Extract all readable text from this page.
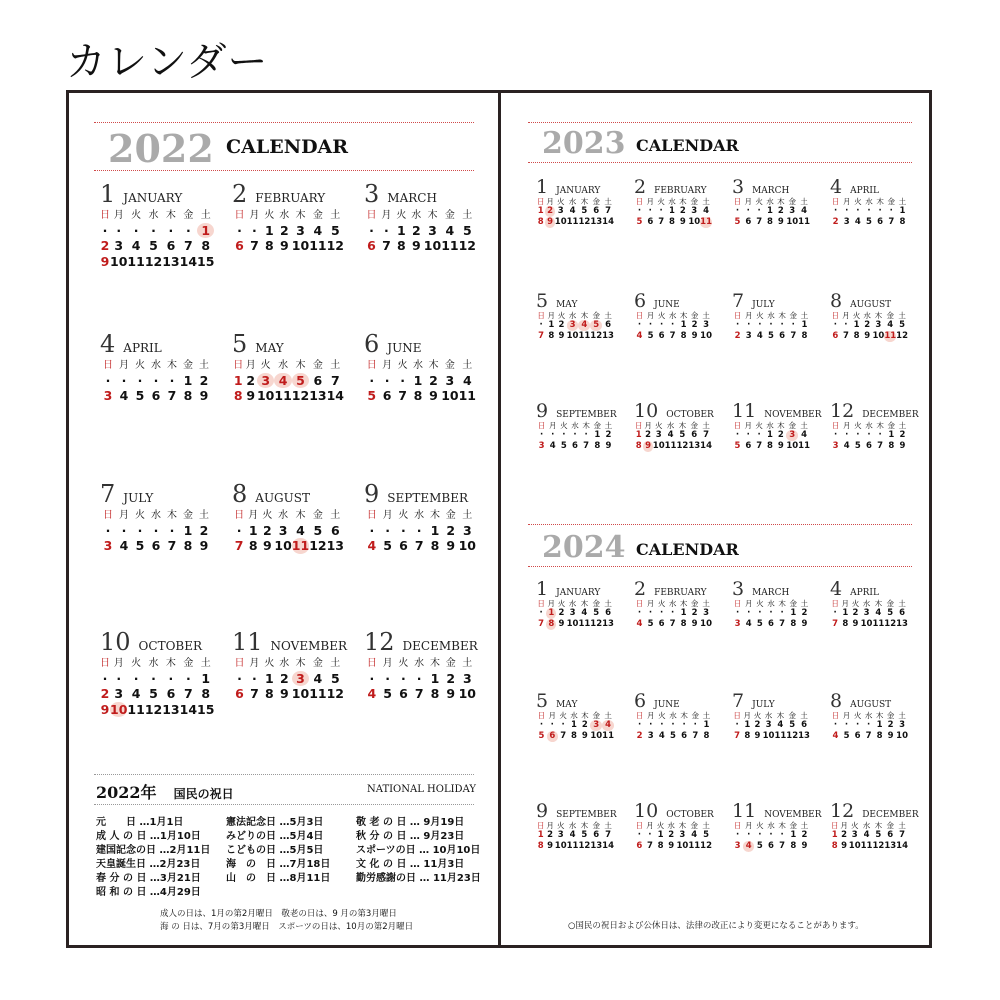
カレンダー
2022 CALENDAR	2023 CALENDAR
2024 CALENDAR
1 JANUARY
日 月 火 水 木 金 土
· ·	·	·	·	· 1
2 3 4 5 6 7 8
9 10 11 12 13 14 15
2 FEBRUARY
日 月 火 水 木 金 土
· · 1 2 3 4 5
6 7 8 9 10 11 12
3 MARCH
日 月 火 水 木 金 土
· · 1 2 3 4 5
6 7 8 9 10 11 12
4 APRIL
日 月 火 水 木 金 土
· · · · · 1 2
3 4 5 6 7 8 9
5 MAY
日 月 火 水 木 金 土
1 2 3 4 5 6 7
8 9 10 11 12 13 14
6 JUNE
日 月 火 水 木 金 土
· · · 1 2 3 4
5 6 7 8 9 10 11
7 JULY
日 月 火 水 木 金 土
· · · · · 1 2
3 4 5 6 7 8 9
8 AUGUST
日 月 火 水 木 金 土
· 1 2 3 4 5 6
7 8 9 10 11 12 13
9 SEPTEMBER
日 月 火 水 木 金 土
· · · · 1 2 3
4 5 6 7 8 9 10
10 OCTOBER
日 月 火 水 木 金 土
· ·	·	·	·	· 1
2 3 4 5 6 7 8
9 10 11 12 13 14 15
11 NOVEMBER
日 月 火 水 木 金 土
· · 1 2 3 4 5
6 7 8 9 10 11 12
12 DECEMBER
日 月 火 水 木 金 土
· · · · 1 2 3
4 5 6 7 8 9 10
1 JANUARY
日 月 火 水 木 金 土
1 2 3 4 5 6 7
8 9 10 11 12 13 14
2 FEBRUARY
日 月 火 水 木 金 土
· · · 1 2 3 4
5 6 7 8 9 10 11
3 MARCH
日 月 火 水 木 金 土
· · · 1 2 3 4
5 6 7 8 9 10 11
4 APRIL
日 月 火 水 木 金 土
· · · · · · 1
2 3 4 5 6 7 8
5 MAY
日 月 火 水 木 金 土
· 1 2 3 4 5 6
7 8 9 10 11 12 13
6 JUNE
日 月 火 水 木 金 土
· · · · 1 2 3
4 5 6 7 8 9 10
7 JULY
日 月 火 水 木 金 土
· · · · · · 1
2 3 4 5 6 7 8
8 AUGUST
日 月 火 水 木 金 土
· · 1 2 3 4 5
6 7 8 9 10 11 12
9 SEPTEMBER
日 月 火 水 木 金 土
· · · · · 1 2
3 4 5 6 7 8 9
10 OCTOBER
日 月 火 水 木 金 土
1 2 3 4 5 6 7
8 9 10 11 12 13 14
11 NOVEMBER
日 月 火 水 木 金 土
· · · 1 2 3 4
5 6 7 8 9 10 11
12 DECEMBER
日 月 火 水 木 金 土
· · · · · 1 2
3 4 5 6 7 8 9
1 JANUARY
日 月 火 水 木 金 土
· 1 2 3 4 5 6
7 8 9 10 11 12 13
2 FEBRUARY
日 月 火 水 木 金 土
· · · · 1 2 3
4 5 6 7 8 9 10
3 MARCH
日 月 火 水 木 金 土
· · · · · 1 2
3 4 5 6 7 8 9
4 APRIL
日 月 火 水 木 金 土
· 1 2 3 4 5 6
7 8 9 10 11 12 13
5 MAY
日 月 火 水 木 金 土
· · · 1 2 3 4
5 6 7 8 9 10 11
6 JUNE
日 月 火 水 木 金 土
· · · · · · 1
2 3 4 5 6 7 8
7 JULY
日 月 火 水 木 金 土
· 1 2 3 4 5 6
7 8 9 10 11 12 13
8 AUGUST
日 月 火 水 木 金 土
· · · · 1 2 3
4 5 6 7 8 9 10
9 SEPTEMBER
日 月 火 水 木 金 土
1 2 3 4 5 6 7
8 9 10 11 12 13 14
10 OCTOBER
日 月 火 水 木 金 土
· · 1 2 3 4 5
6 7 8 9 10 11 12
11 NOVEMBER
日 月 火 水 木 金 土
· · · · · 1 2
3 4 5 6 7 8 9
12 DECEMBER
日 月 火 水 木 金 土
1 2 3 4 5 6 7
8 9 10 11 12 13 14
2022年 国民の祝日	NATIONAL HOLIDAY
元　　日 …1月1日
成 人 の 日 …1月10日
建国記念の日 …2月11日
天皇誕生日 …2月23日
春 分 の 日 …3月21日
昭 和 の 日 …4月29日
憲法記念日 …5月3日
みどりの日 …5月4日
こどもの日 …5月5日
海　の　日 …7月18日
山　の　日 …8月11日
敬 老 の 日 … 9月19日
秋 分 の 日 … 9月23日
スポーツの日 … 10月10日
文 化 の 日 … 11月3日
勤労感謝の日 … 11月23日
成人の日は、1月の第2月曜日　敬老の日は、9 月の第3月曜日
海 の 日は、7月の第3月曜日　スポーツの日は、10月の第2月曜日	○国民の祝日および公休日は、法律の改正により変更になることがあります。
